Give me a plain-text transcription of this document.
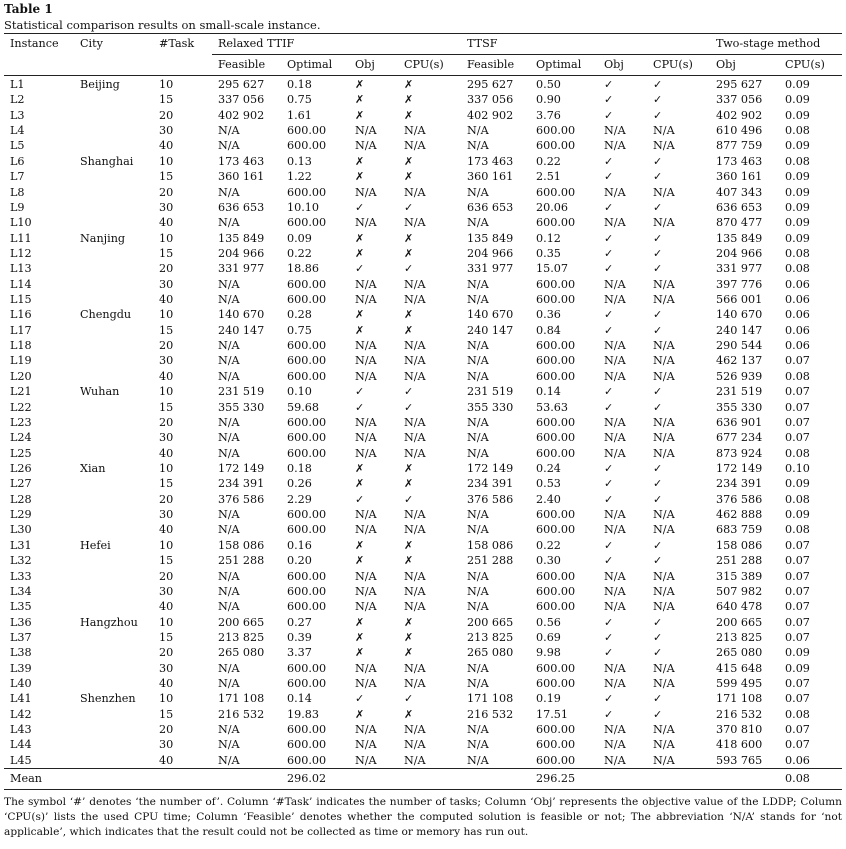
Table 1
Statistical comparison results on small-scale instance.
Instance	City	#Task	Relaxed TTIF				TTSF				Two-stage method	
			Feasible	Optimal	Obj	CPU(s)	Feasible	Optimal	Obj	CPU(s)	Obj	CPU(s)
L1	Beijing	10	295 627	0.18	✗	✗	295 627	0.50	✓	✓	295 627	0.09
L2		15	337 056	0.75	✗	✗	337 056	0.90	✓	✓	337 056	0.09
L3		20	402 902	1.61	✗	✗	402 902	3.76	✓	✓	402 902	0.09
L4		30	N/A	600.00	N/A	N/A	N/A	600.00	N/A	N/A	610 496	0.08
L5		40	N/A	600.00	N/A	N/A	N/A	600.00	N/A	N/A	877 759	0.09
L6	Shanghai	10	173 463	0.13	✗	✗	173 463	0.22	✓	✓	173 463	0.08
L7		15	360 161	1.22	✗	✗	360 161	2.51	✓	✓	360 161	0.09
L8		20	N/A	600.00	N/A	N/A	N/A	600.00	N/A	N/A	407 343	0.09
L9		30	636 653	10.10	✓	✓	636 653	20.06	✓	✓	636 653	0.09
L10		40	N/A	600.00	N/A	N/A	N/A	600.00	N/A	N/A	870 477	0.09
L11	Nanjing	10	135 849	0.09	✗	✗	135 849	0.12	✓	✓	135 849	0.09
L12		15	204 966	0.22	✗	✗	204 966	0.35	✓	✓	204 966	0.08
L13		20	331 977	18.86	✓	✓	331 977	15.07	✓	✓	331 977	0.08
L14		30	N/A	600.00	N/A	N/A	N/A	600.00	N/A	N/A	397 776	0.06
L15		40	N/A	600.00	N/A	N/A	N/A	600.00	N/A	N/A	566 001	0.06
L16	Chengdu	10	140 670	0.28	✗	✗	140 670	0.36	✓	✓	140 670	0.06
L17		15	240 147	0.75	✗	✗	240 147	0.84	✓	✓	240 147	0.06
L18		20	N/A	600.00	N/A	N/A	N/A	600.00	N/A	N/A	290 544	0.06
L19		30	N/A	600.00	N/A	N/A	N/A	600.00	N/A	N/A	462 137	0.07
L20		40	N/A	600.00	N/A	N/A	N/A	600.00	N/A	N/A	526 939	0.08
L21	Wuhan	10	231 519	0.10	✓	✓	231 519	0.14	✓	✓	231 519	0.07
L22		15	355 330	59.68	✓	✓	355 330	53.63	✓	✓	355 330	0.07
L23		20	N/A	600.00	N/A	N/A	N/A	600.00	N/A	N/A	636 901	0.07
L24		30	N/A	600.00	N/A	N/A	N/A	600.00	N/A	N/A	677 234	0.07
L25		40	N/A	600.00	N/A	N/A	N/A	600.00	N/A	N/A	873 924	0.08
L26	Xian	10	172 149	0.18	✗	✗	172 149	0.24	✓	✓	172 149	0.10
L27		15	234 391	0.26	✗	✗	234 391	0.53	✓	✓	234 391	0.09
L28		20	376 586	2.29	✓	✓	376 586	2.40	✓	✓	376 586	0.08
L29		30	N/A	600.00	N/A	N/A	N/A	600.00	N/A	N/A	462 888	0.09
L30		40	N/A	600.00	N/A	N/A	N/A	600.00	N/A	N/A	683 759	0.08
L31	Hefei	10	158 086	0.16	✗	✗	158 086	0.22	✓	✓	158 086	0.07
L32		15	251 288	0.20	✗	✗	251 288	0.30	✓	✓	251 288	0.07
L33		20	N/A	600.00	N/A	N/A	N/A	600.00	N/A	N/A	315 389	0.07
L34		30	N/A	600.00	N/A	N/A	N/A	600.00	N/A	N/A	507 982	0.07
L35		40	N/A	600.00	N/A	N/A	N/A	600.00	N/A	N/A	640 478	0.07
L36	Hangzhou	10	200 665	0.27	✗	✗	200 665	0.56	✓	✓	200 665	0.07
L37		15	213 825	0.39	✗	✗	213 825	0.69	✓	✓	213 825	0.07
L38		20	265 080	3.37	✗	✗	265 080	9.98	✓	✓	265 080	0.09
L39		30	N/A	600.00	N/A	N/A	N/A	600.00	N/A	N/A	415 648	0.09
L40		40	N/A	600.00	N/A	N/A	N/A	600.00	N/A	N/A	599 495	0.07
L41	Shenzhen	10	171 108	0.14	✓	✓	171 108	0.19	✓	✓	171 108	0.07
L42		15	216 532	19.83	✗	✗	216 532	17.51	✓	✓	216 532	0.08
L43		20	N/A	600.00	N/A	N/A	N/A	600.00	N/A	N/A	370 810	0.07
L44		30	N/A	600.00	N/A	N/A	N/A	600.00	N/A	N/A	418 600	0.07
L45		40	N/A	600.00	N/A	N/A	N/A	600.00	N/A	N/A	593 765	0.06
Mean				296.02				296.25				0.08
The symbol ‘#’ denotes ‘the number of’. Column ‘#Task’ indicates the number of tasks; Column ‘Obj’ represents the objective value of the LDDP; Column ‘CPU(s)’ lists the used CPU time; Column ‘Feasible’ denotes whether the computed solution is feasible or not; The abbreviation ‘N/A’ stands for ‘not applicable’, which indicates that the result could not be collected as time or memory has run out.
